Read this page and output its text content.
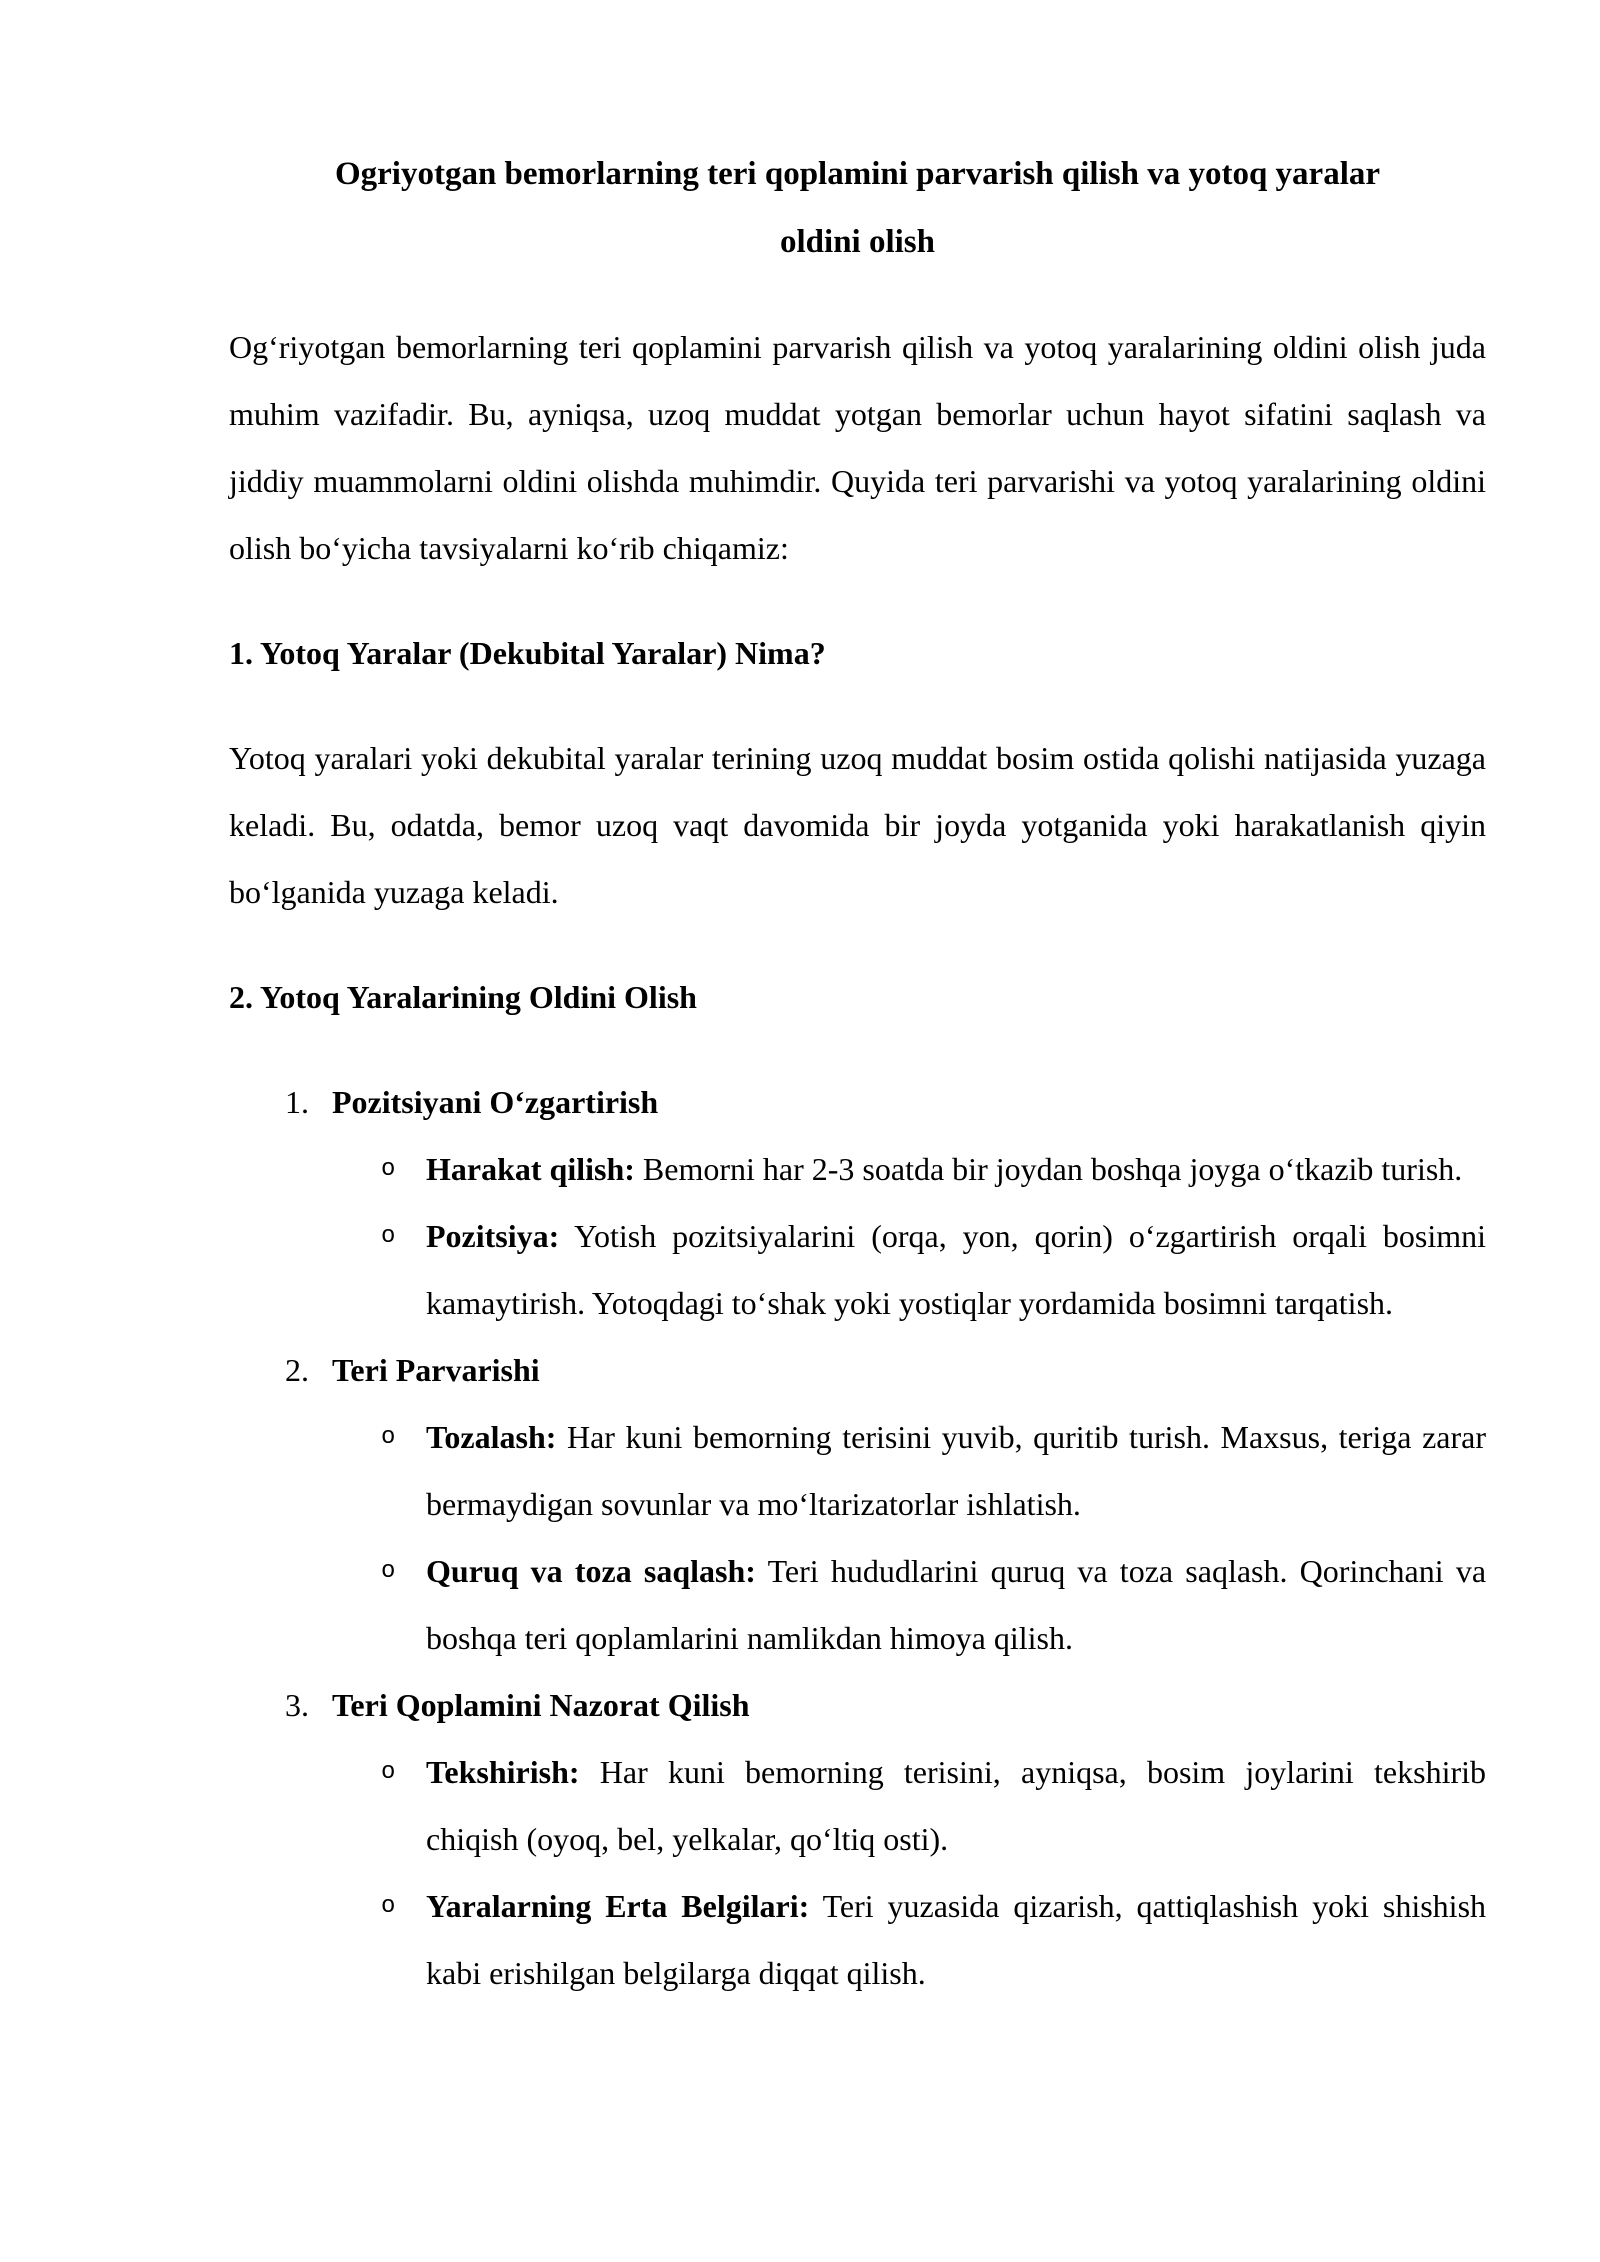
Ogriyotgan bemorlarning teri qoplamini parvarish qilish va yotoq yaralar
oldini olish

Ogʻriyotgan bemorlarning teri qoplamini parvarish qilish va yotoq yaralarining oldini olish juda muhim vazifadir. Bu, ayniqsa, uzoq muddat yotgan bemorlar uchun hayot sifatini saqlash va jiddiy muammolarni oldini olishda muhimdir. Quyida teri parvarishi va yotoq yaralarining oldini olish boʻyicha tavsiyalarni koʻrib chiqamiz:

1. Yotoq Yaralar (Dekubital Yaralar) Nima?

Yotoq yaralari yoki dekubital yaralar terining uzoq muddat bosim ostida qolishi natijasida yuzaga keladi. Bu, odatda, bemor uzoq vaqt davomida bir joyda yotganida yoki harakatlanish qiyin boʻlganida yuzaga keladi.

2. Yotoq Yaralarining Oldini Olish
1. Pozitsiyani Oʻzgartirish
o Harakat qilish: Bemorni har 2-3 soatda bir joydan boshqa joyga oʻtkazib turish.
o Pozitsiya: Yotish pozitsiyalarini (orqa, yon, qorin) oʻzgartirish orqali bosimni kamaytirish. Yotoqdagi toʻshak yoki yostiqlar yordamida bosimni tarqatish.
2. Teri Parvarishi
o Tozalash: Har kuni bemorning terisini yuvib, quritib turish. Maxsus, teriga zarar bermaydigan sovunlar va moʻltarizatorlar ishlatish.
o Quruq va toza saqlash: Teri hududlarini quruq va toza saqlash. Qorinchani va boshqa teri qoplamlarini namlikdan himoya qilish.
3. Teri Qoplamini Nazorat Qilish
o Tekshirish: Har kuni bemorning terisini, ayniqsa, bosim joylarini tekshirib chiqish (oyoq, bel, yelkalar, qoʻltiq osti).
o Yaralarning Erta Belgilari: Teri yuzasida qizarish, qattiqlashish yoki shishish kabi erishilgan belgilarga diqqat qilish.
